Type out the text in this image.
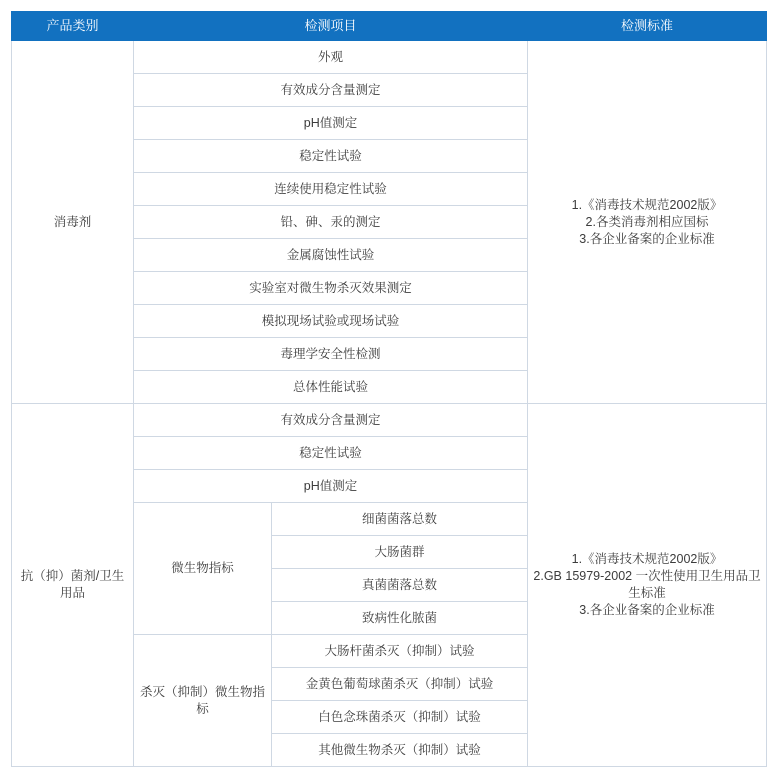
产品类别	检测项目		检测标准
消毒剂	外观		1.《消毒技术规范2002版》
2.各类消毒剂相应国标
3.各企业备案的企业标准

	有效成分含量测定		
	pH值测定		
	稳定性试验		
	连续使用稳定性试验		
	铅、砷、汞的测定		
	金属腐蚀性试验		
	实验室对微生物杀灭效果测定		
	模拟现场试验或现场试验		
	毒理学安全性检测		
	总体性能试验		
抗（抑）菌剂/卫生用品	有效成分含量测定		1.《消毒技术规范2002版》
2.GB 15979-2002 一次性使用卫生用品卫生标准
3.各企业备案的企业标准

	稳定性试验		
	pH值测定		
	微生物指标	细菌菌落总数	
		大肠菌群	
		真菌菌落总数	
		致病性化脓菌	
	杀灭（抑制）微生物指标	大肠杆菌杀灭（抑制）试验	
		金黄色葡萄球菌杀灭（抑制）试验	
		白色念珠菌杀灭（抑制）试验	
		其他微生物杀灭（抑制）试验	
